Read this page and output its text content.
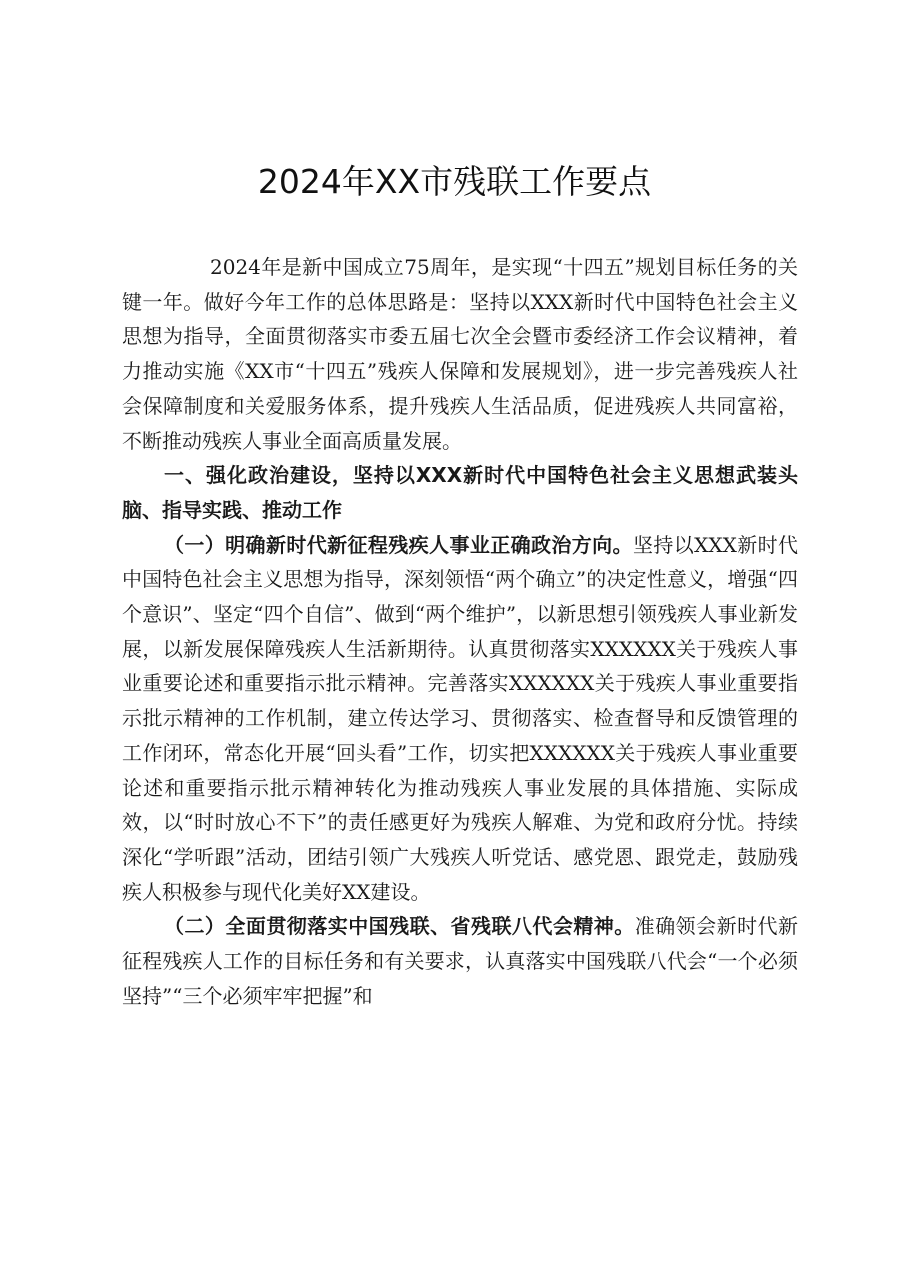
2024年XX市残联工作要点

2024年是新中国成立75周年，是实现“十四五”规划目标任务的关键一年。做好今年工作的总体思路是：坚持以XXX新时代中国特色社会主义思想为指导，全面贯彻落实市委五届七次全会暨市委经济工作会议精神，着力推动实施《XX市“十四五”残疾人保障和发展规划》，进一步完善残疾人社会保障制度和关爱服务体系，提升残疾人生活品质，促进残疾人共同富裕，不断推动残疾人事业全面高质量发展。

一、强化政治建设，坚持以XXX新时代中国特色社会主义思想武装头脑、指导实践、推动工作

（一）明确新时代新征程残疾人事业正确政治方向。坚持以XXX新时代中国特色社会主义思想为指导，深刻领悟“两个确立”的决定性意义，增强“四个意识”、坚定“四个自信”、做到“两个维护”，以新思想引领残疾人事业新发展，以新发展保障残疾人生活新期待。认真贯彻落实XXXXXX关于残疾人事业重要论述和重要指示批示精神。完善落实XXXXXX关于残疾人事业重要指示批示精神的工作机制，建立传达学习、贯彻落实、检查督导和反馈管理的工作闭环，常态化开展“回头看”工作，切实把XXXXXX关于残疾人事业重要论述和重要指示批示精神转化为推动残疾人事业发展的具体措施、实际成效，以“时时放心不下”的责任感更好为残疾人解难、为党和政府分忧。持续深化“学听跟”活动，团结引领广大残疾人听党话、感党恩、跟党走，鼓励残疾人积极参与现代化美好XX建设。

（二）全面贯彻落实中国残联、省残联八代会精神。准确领会新时代新征程残疾人工作的目标任务和有关要求，认真落实中国残联八代会“一个必须坚持”“三个必须牢牢把握”和
